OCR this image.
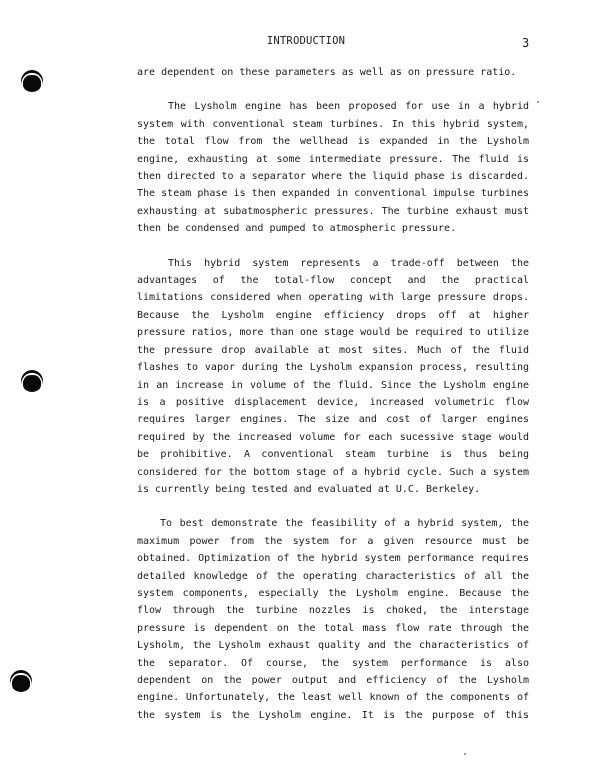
INTRODUCTION	3

are dependent on these parameters as well as on pressure ratio.

The Lysholm engine has been proposed for use in a hybrid

system with conventional steam turbines. In this hybrid system,

the total flow from the wellhead is expanded in the Lysholm

engine, exhausting at some intermediate pressure. The fluid is

then directed to a separator where the liquid phase is discarded.

The steam phase is then expanded in conventional impulse turbines

exhausting at subatmospheric pressures. The turbine exhaust must

then be condensed and pumped to atmospheric pressure.

This hybrid system represents a trade-off between the

advantages of the total-flow concept and the practical

limitations considered when operating with large pressure drops.

Because the Lysholm engine efficiency drops off at higher

pressure ratios, more than one stage would be required to utilize

the pressure drop available at most sites. Much of the fluid

flashes to vapor during the Lysholm expansion process, resulting

in an increase in volume of the fluid. Since the Lysholm engine

is a positive displacement device, increased volumetric flow

requires larger engines. The size and cost of larger engines

required by the increased volume for each sucessive stage would

be prohibitive. A conventional steam turbine is thus being

considered for the bottom stage of a hybrid cycle. Such a system

is currently being tested and evaluated at U.C. Berkeley.

To best demonstrate the feasibility of a hybrid system, the

maximum power from the system for a given resource must be

obtained. Optimization of the hybrid system performance requires

detailed knowledge of the operating characteristics of all the

system components, especially the Lysholm engine. Because the

flow through the turbine nozzles is choked, the interstage

pressure is dependent on the total mass flow rate through the

Lysholm, the Lysholm exhaust quality and the characteristics of

the separator. Of course, the system performance is also

dependent on the power output and efficiency of the Lysholm

engine. Unfortunately, the least well known of the components of

the system is the Lysholm engine. It is the purpose of this
